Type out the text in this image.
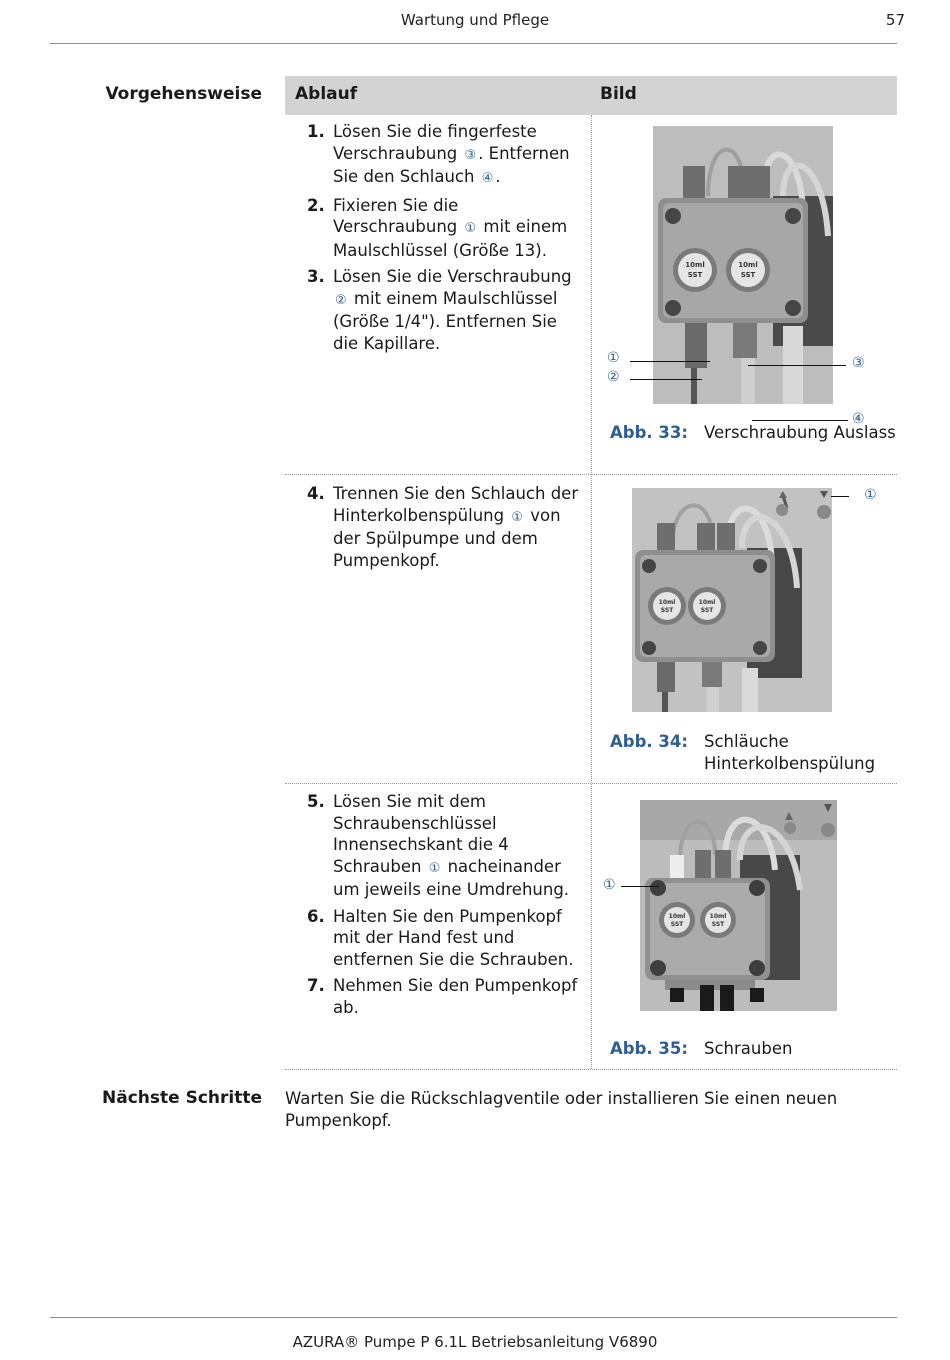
Wartung und Pflege	57
Vorgehensweise Ablauf	Bild
1. Lösen Sie die fingerfeste Verschraubung ③ . Entfernen Sie den Schlauch ④ .
2. Fixieren Sie die Verschraubung ① mit einem Maulschlüssel (Größe 13).
3. Lösen Sie die Verschraubung ② mit einem Maulschlüssel (Größe 1/4"). Entfernen Sie die Kapillare.
10ml
SST
10ml
SST
①
②
③
④
Abb. 33: Verschraubung Auslass
4. Trennen Sie den Schlauch der Hinterkolbenspülung ① von der Spülpumpe und dem Pumpenkopf.
10ml
SST
10ml
SST
①
Abb. 34: Schläuche Hinterkolbenspülung
5. Lösen Sie mit dem Schraubenschlüssel Innensechskant die 4 Schrauben ① nacheinander um jeweils eine Umdrehung.
6. Halten Sie den Pumpenkopf mit der Hand fest und entfernen Sie die Schrauben.
7. Nehmen Sie den Pumpenkopf ab.
10ml
SST
10ml
SST
①
Abb. 35: Schrauben
Nächste Schritte Warten Sie die Rückschlagventile oder installieren Sie einen neuen Pumpenkopf.
AZURA® Pumpe P 6.1L Betriebsanleitung V6890
